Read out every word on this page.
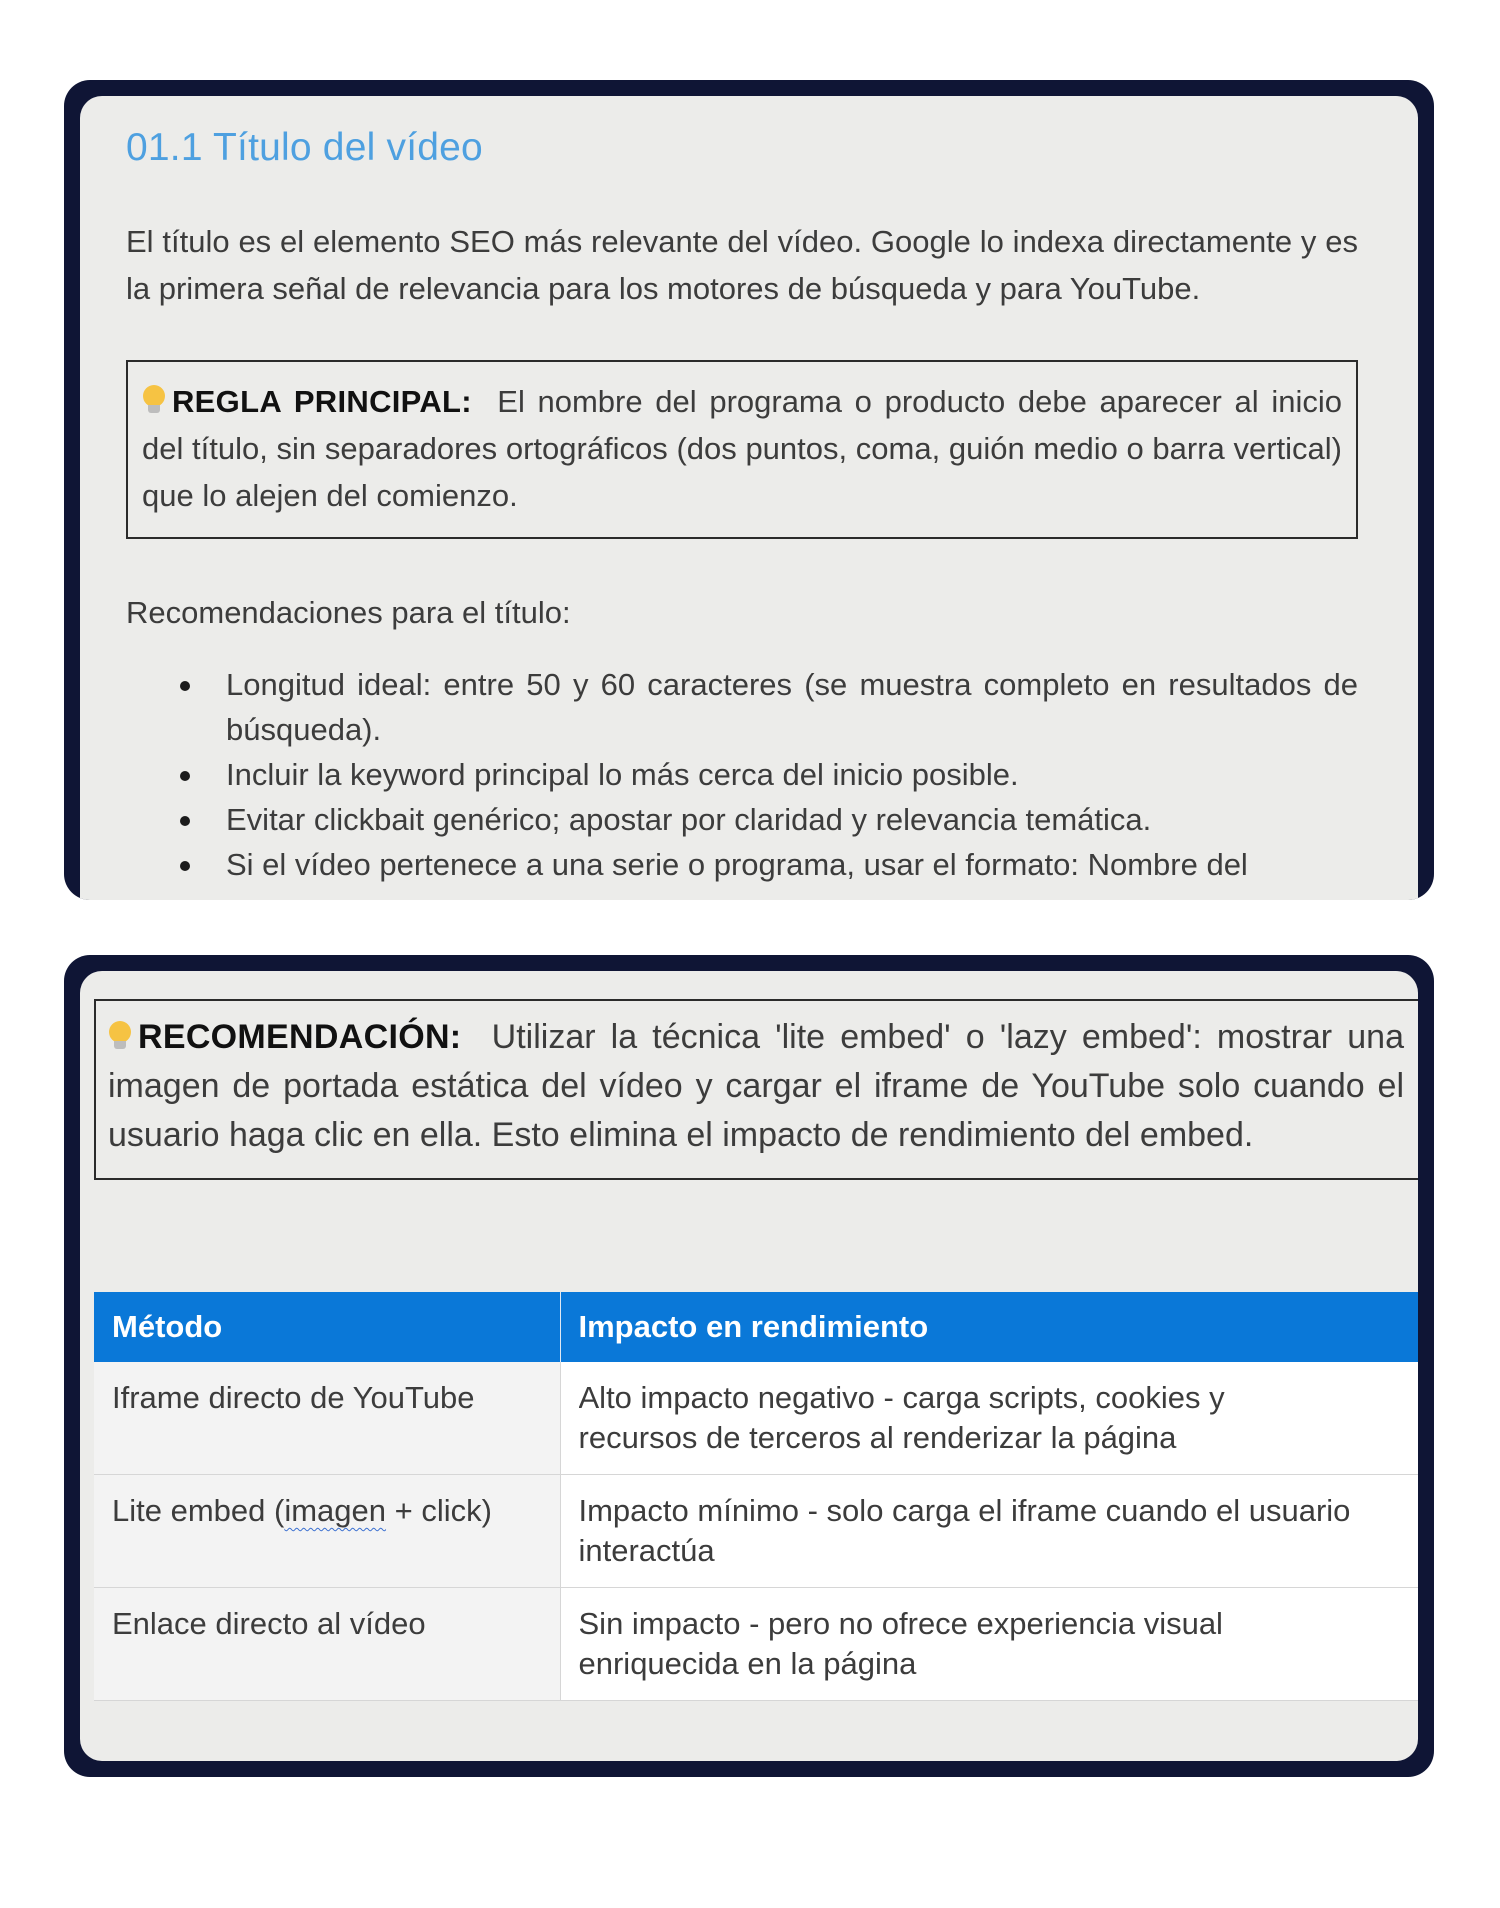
01.1 Título del vídeo

El título es el elemento SEO más relevante del vídeo. Google lo indexa directamente y es la primera señal de relevancia para los motores de búsqueda y para YouTube.

REGLA PRINCIPAL: El nombre del programa o producto debe aparecer al inicio del título, sin separadores ortográficos (dos puntos, coma, guión medio o barra vertical) que lo alejen del comienzo.

Recomendaciones para el título:

Longitud ideal: entre 50 y 60 caracteres (se muestra completo en resultados de búsqueda).
Incluir la keyword principal lo más cerca del inicio posible.
Evitar clickbait genérico; apostar por claridad y relevancia temática.
Si el vídeo pertenece a una serie o programa, usar el formato: Nombre del
RECOMENDACIÓN: Utilizar la técnica 'lite embed' o 'lazy embed': mostrar una imagen de portada estática del vídeo y cargar el iframe de YouTube solo cuando el usuario haga clic en ella. Esto elimina el impacto de rendimiento del embed.
Método	Impacto en rendimiento
Iframe directo de YouTube	Alto impacto negativo - carga scripts, cookies y
recursos de terceros al renderizar la página

Lite embed (imagen + click)	Impacto mínimo - solo carga el iframe cuando el usuario
interactúa

Enlace directo al vídeo	Sin impacto - pero no ofrece experiencia visual
enriquecida en la página
